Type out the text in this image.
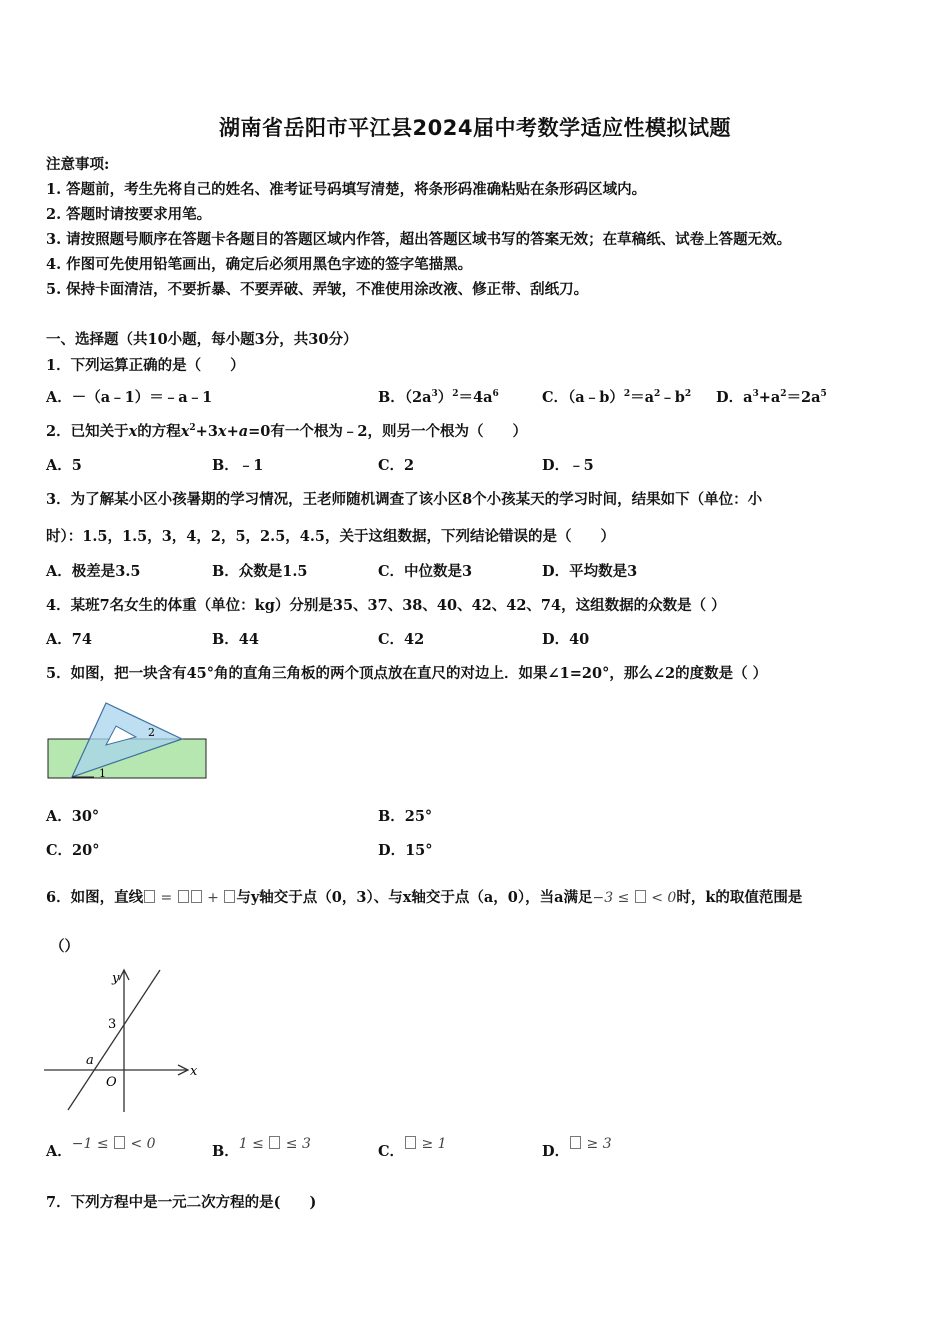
湖南省岳阳市平江县2024届中考数学适应性模拟试题
注意事项:
1. 答题前，考生先将自己的姓名、准考证号码填写清楚，将条形码准确粘贴在条形码区域内。
2. 答题时请按要求用笔。
3. 请按照题号顺序在答题卡各题目的答题区域内作答，超出答题区域书写的答案无效；在草稿纸、试卷上答题无效。
4. 作图可先使用铅笔画出，确定后必须用黑色字迹的签字笔描黑。
5. 保持卡面清洁，不要折暴、不要弄破、弄皱，不准使用涂改液、修正带、刮纸刀。
一、选择题（共10小题，每小题3分，共30分）
1．下列运算正确的是（　　）
A．－（a﹣1）＝﹣a﹣1	B．$(2a^3)^2=4a^6$	C．$(a﹣b)^2=a^2﹣b^2$ D．$a^3+a^2=2a^5$
2．已知关于x的方程$x^2+3x+a=0$有一个根为﹣2，则另一个根为（　　）
A．5	B．﹣1	C．2	D．﹣5
3．为了解某小区小孩暑期的学习情况，王老师随机调查了该小区8个小孩某天的学习时间，结果如下（单位：小
时）：1.5，1.5，3，4，2，5，2.5，4.5，关于这组数据，下列结论错误的是（　　）
A．极差是3.5	B．众数是1.5	C．中位数是3	D．平均数是3
4．某班7名女生的体重（单位：kg）分别是35、37、38、40、42、42、74，这组数据的众数是（ ）
A．74	B．44	C．42	D．40
5．如图，把一块含有45°角的直角三角板的两个顶点放在直尺的对边上．如果∠1=20°，那么∠2的度数是（ ）
1
2
A．30°	B．25°
C．20°	D．15°
6．如图，直线 =  + 与y轴交于点（0，3）、与x轴交于点（a，0），当a满足−3 ≤ < 0时，k的取值范围是
（）
y
x
3
a
O
A．−1 ≤ < 0	B．1 ≤ ≤ 3	C． ≥ 1	D． ≥ 3
7．下列方程中是一元二次方程的是(　　)
